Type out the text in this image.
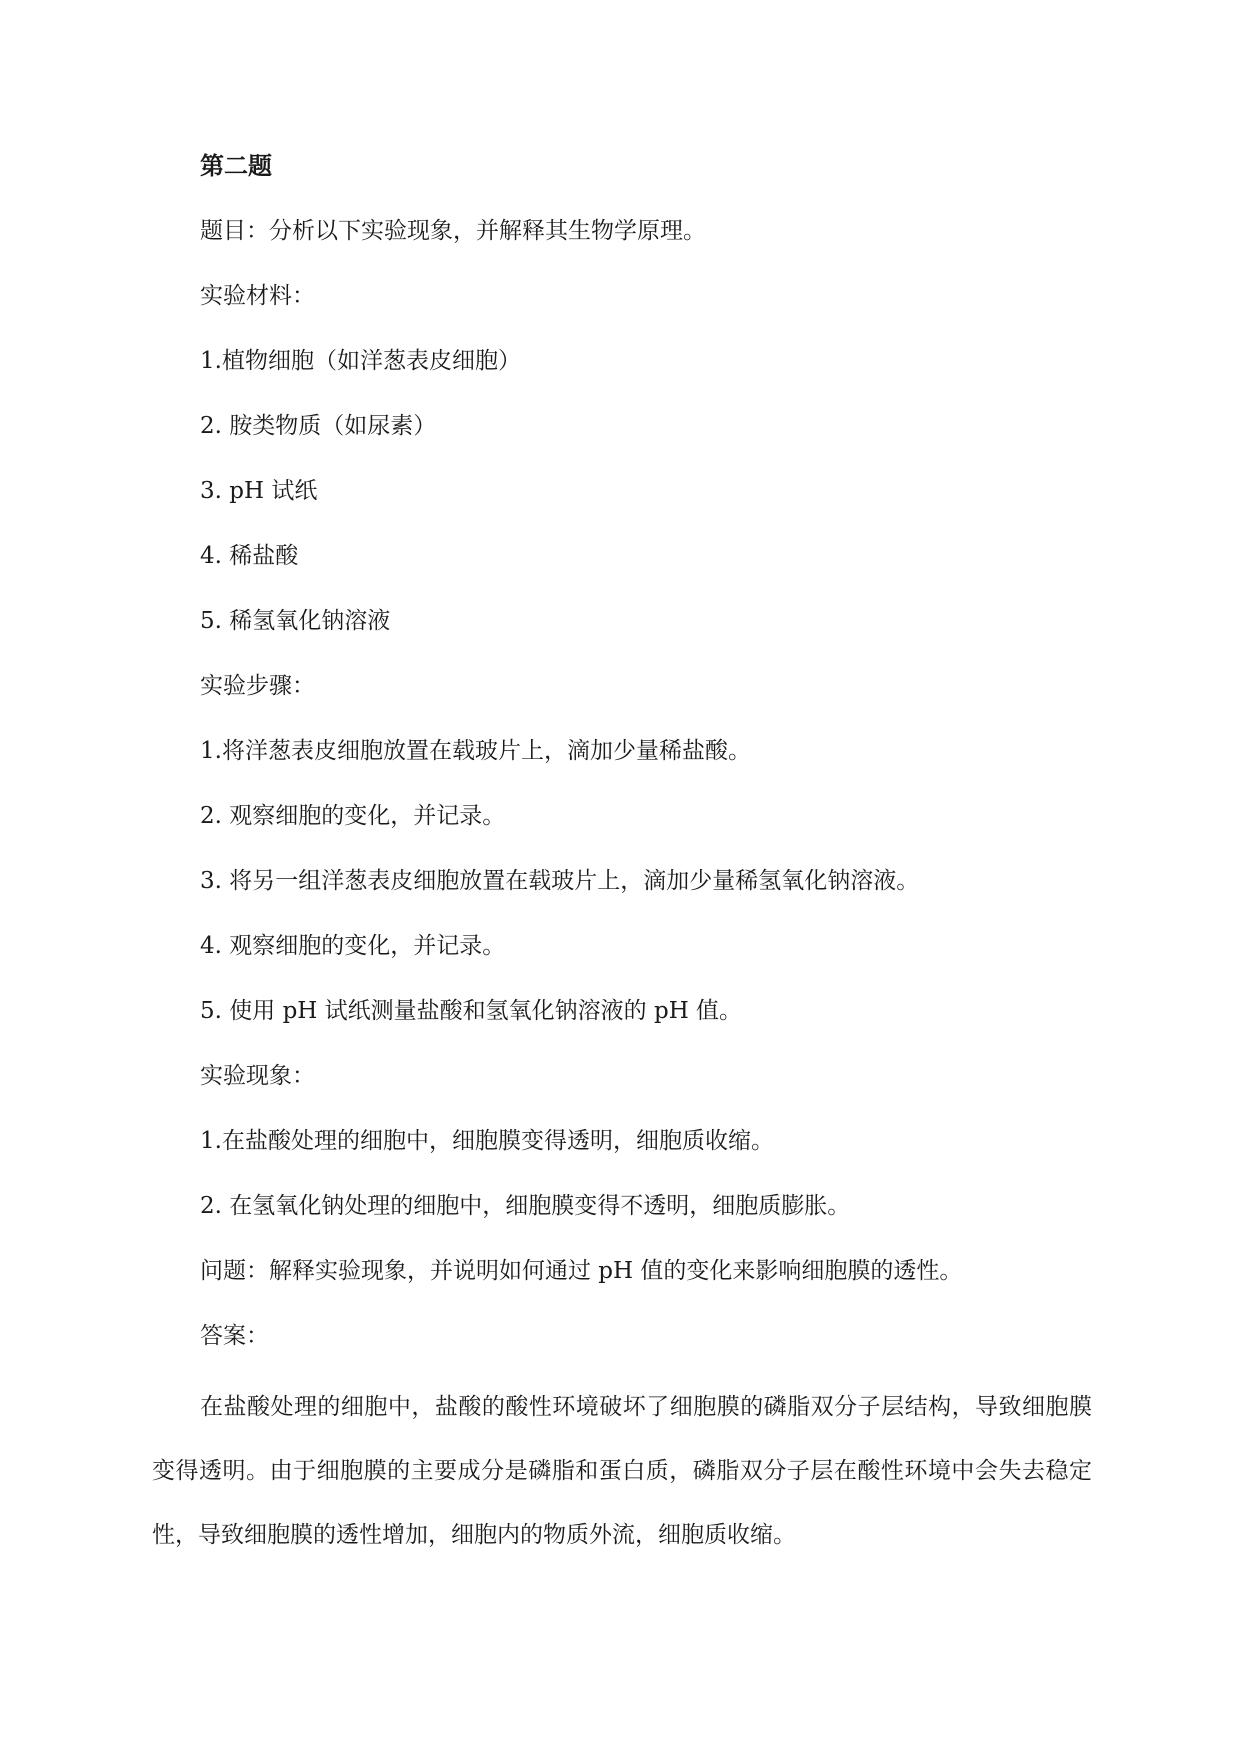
第二题
题目：分析以下实验现象，并解释其生物学原理。
实验材料：
1.植物细胞（如洋葱表皮细胞）
2. 胺类物质（如尿素）
3. pH 试纸
4. 稀盐酸
5. 稀氢氧化钠溶液
实验步骤：
1.将洋葱表皮细胞放置在载玻片上，滴加少量稀盐酸。
2. 观察细胞的变化，并记录。
3. 将另一组洋葱表皮细胞放置在载玻片上，滴加少量稀氢氧化钠溶液。
4. 观察细胞的变化，并记录。
5. 使用 pH 试纸测量盐酸和氢氧化钠溶液的 pH 值。
实验现象：
1.在盐酸处理的细胞中，细胞膜变得透明，细胞质收缩。
2. 在氢氧化钠处理的细胞中，细胞膜变得不透明，细胞质膨胀。
问题：解释实验现象，并说明如何通过 pH 值的变化来影响细胞膜的透性。
答案：
在盐酸处理的细胞中，盐酸的酸性环境破坏了细胞膜的磷脂双分子层结构，导致细胞膜变得透明。由于细胞膜的主要成分是磷脂和蛋白质，磷脂双分子层在酸性环境中会失去稳定性，导致细胞膜的透性增加，细胞内的物质外流，细胞质收缩。
